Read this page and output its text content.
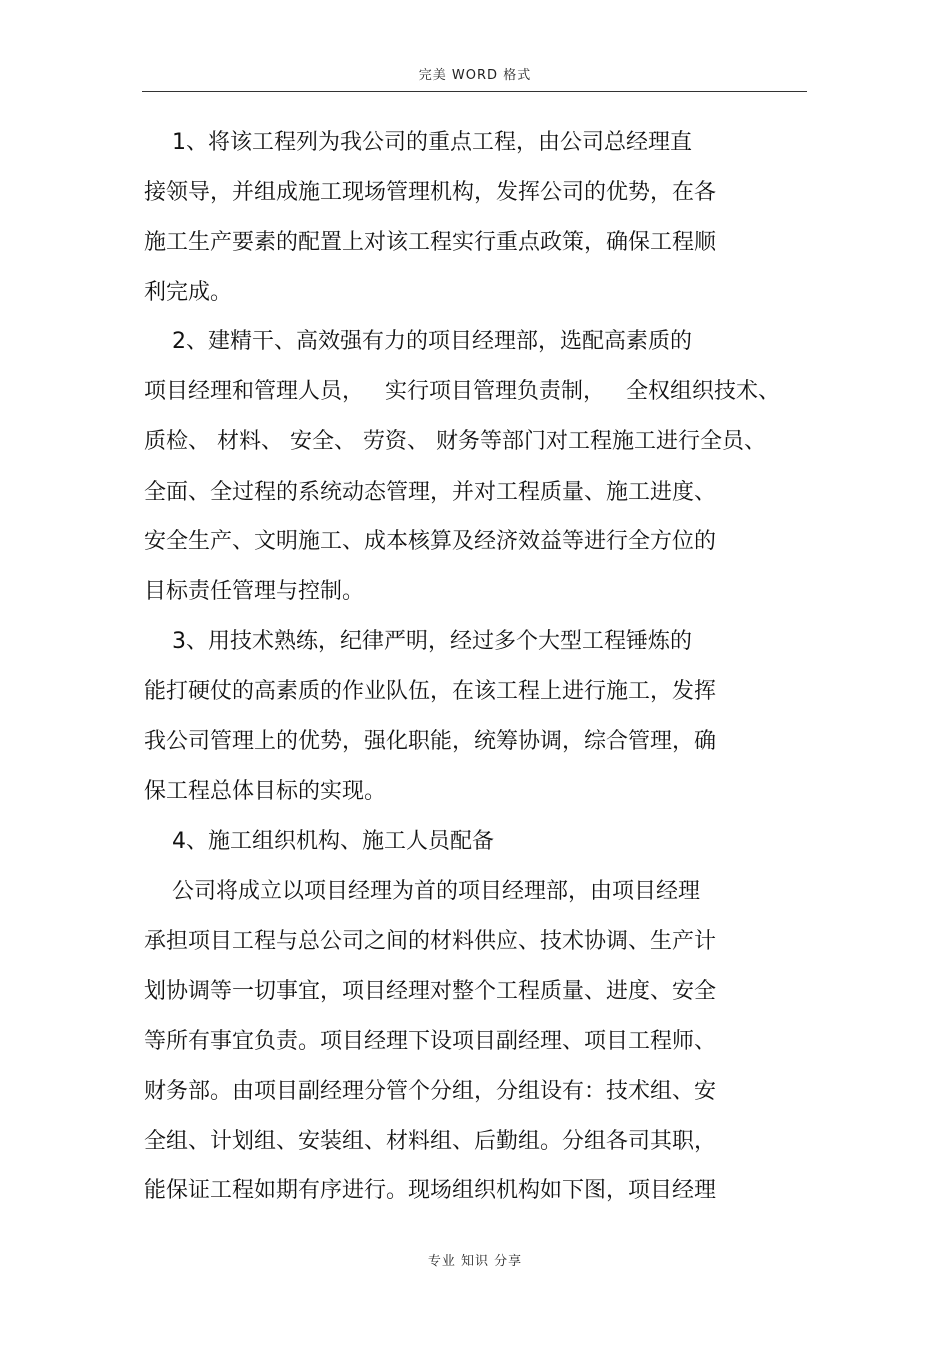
完美 WORD 格式
1、将该工程列为我公司的重点工程，由公司总经理直
接领导，并组成施工现场管理机构，发挥公司的优势，在各
施工生产要素的配置上对该工程实行重点政策，确保工程顺
利完成。
2、建精干、高效强有力的项目经理部，选配高素质的
项目经理和管理人员，   实行项目管理负责制，   全权组织技术、
质检、 材料、 安全、 劳资、 财务等部门对工程施工进行全员、
全面、全过程的系统动态管理，并对工程质量、施工进度、
安全生产、文明施工、成本核算及经济效益等进行全方位的
目标责任管理与控制。
3、用技术熟练，纪律严明，经过多个大型工程锤炼的
能打硬仗的高素质的作业队伍，在该工程上进行施工，发挥
我公司管理上的优势，强化职能，统筹协调，综合管理，确
保工程总体目标的实现。
4、施工组织机构、施工人员配备
公司将成立以项目经理为首的项目经理部，由项目经理
承担项目工程与总公司之间的材料供应、技术协调、生产计
划协调等一切事宜，项目经理对整个工程质量、进度、安全
等所有事宜负责。项目经理下设项目副经理、项目工程师、
财务部。由项目副经理分管个分组，分组设有：技术组、安
全组、计划组、安装组、材料组、后勤组。分组各司其职，
能保证工程如期有序进行。现场组织机构如下图，项目经理
专业 知识 分享
